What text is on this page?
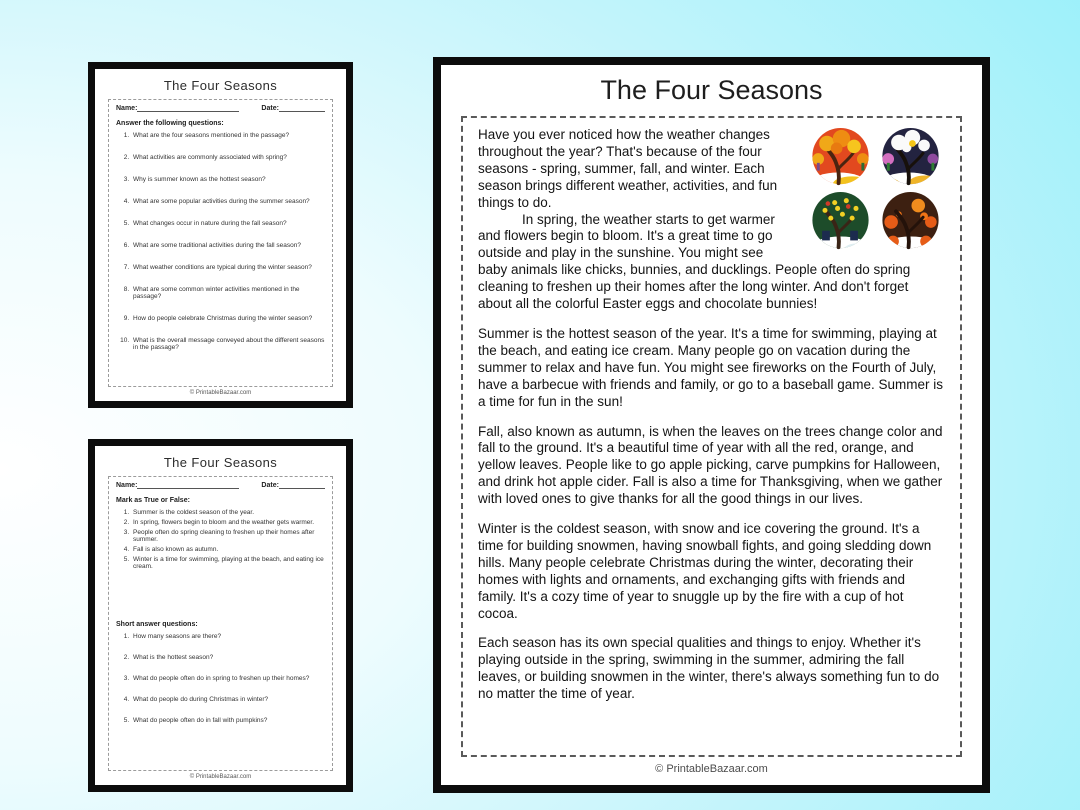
The Four Seasons
Name:	Date:
Answer the following questions:
1. What are the four seasons mentioned in the passage?
2. What activities are commonly associated with spring?
3. Why is summer known as the hottest season?
4. What are some popular activities during the summer season?
5. What changes occur in nature during the fall season?
6. What are some traditional activities during the fall season?
7. What weather conditions are typical during the winter season?
8. What are some common winter activities mentioned in the passage?
9. How do people celebrate Christmas during the winter season?
10. What is the overall message conveyed about the different seasons in the passage?
© PrintableBazaar.com
The Four Seasons
Name:	Date:
Mark as True or False:
1. Summer is the coldest season of the year.
2. In spring, flowers begin to bloom and the weather gets warmer.
3. People often do spring cleaning to freshen up their homes after summer.
4. Fall is also known as autumn.
5. Winter is a time for swimming, playing at the beach, and eating ice cream.
Short answer questions:
1. How many seasons are there?
2. What is the hottest season?
3. What do people often do in spring to freshen up their homes?
4. What do people do during Christmas in winter?
5. What do people often do in fall with pumpkins?
© PrintableBazaar.com
The Four Seasons

Have you ever noticed how the weather changes throughout the year? That's because of the four seasons - spring, summer, fall, and winter. Each season brings different weather, activities, and fun things to do.

In spring, the weather starts to get warmer and flowers begin to bloom. It's a great time to go outside and play in the sunshine. You might see baby animals like chicks, bunnies, and ducklings. People often do spring cleaning to freshen up their homes after the long winter. And don't forget about all the colorful Easter eggs and chocolate bunnies!

Summer is the hottest season of the year. It's a time for swimming, playing at the beach, and eating ice cream. Many people go on vacation during the summer to relax and have fun. You might see fireworks on the Fourth of July, have a barbecue with friends and family, or go to a baseball game. Summer is a time for fun in the sun!

Fall, also known as autumn, is when the leaves on the trees change color and fall to the ground. It's a beautiful time of year with all the red, orange, and yellow leaves. People like to go apple picking, carve pumpkins for Halloween, and drink hot apple cider. Fall is also a time for Thanksgiving, when we gather with loved ones to give thanks for all the good things in our lives.

Winter is the coldest season, with snow and ice covering the ground. It's a time for building snowmen, having snowball fights, and going sledding down hills. Many people celebrate Christmas during the winter, decorating their homes with lights and ornaments, and exchanging gifts with friends and family. It's a cozy time of year to snuggle up by the fire with a cup of hot cocoa.

Each season has its own special qualities and things to enjoy. Whether it's playing outside in the spring, swimming in the summer, admiring the fall leaves, or building snowmen in the winter, there's always something fun to do no matter the time of year.

© PrintableBazaar.com
